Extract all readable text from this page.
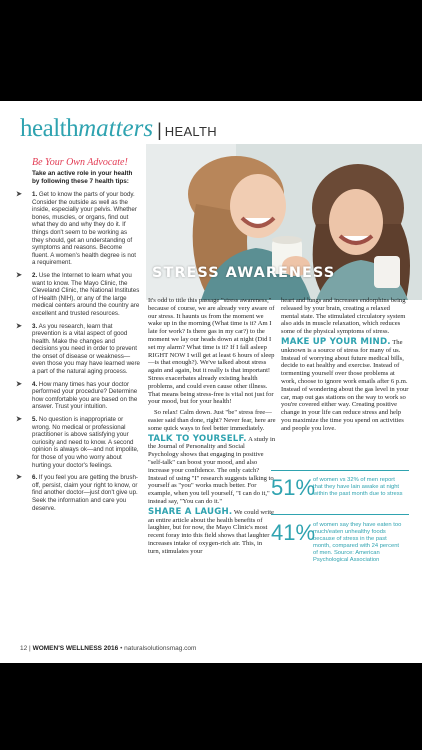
healthmatters | HEALTH
Be Your Own Advocate!
Take an active role in your health by following these 7 health tips:
➤ 1. Get to know the parts of your body. Consider the outside as well as the inside, especially your pelvis. Whether bones, muscles, or organs, find out what they do and why they do it. If things don't seem to be working as they should, get an understanding of symptoms and reasons. Become fluent. A women's health degree is not a requirement.
➤ 2. Use the Internet to learn what you want to know. The Mayo Clinic, the Cleveland Clinic, the National Institutes of Health (NIH), or any of the large medical centers around the country are excellent and trusted resources.
➤ 3. As you research, learn that prevention is a vital aspect of good health. Make the changes and decisions you need in order to prevent the onset of disease or weakness—even those you may have learned were a part of the natural aging process.
➤ 4. How many times has your doctor performed your procedure? Determine how comfortable you are based on the answer. Trust your intuition.
➤ 5. No question is inappropriate or wrong. No medical or professional practitioner is above satisfying your curiosity and need to know. A second opinion is always ok—and not impolite, for those of you who worry about hurting your doctor's feelings.
➤ 6. If you feel you are getting the brush-off, persist, claim your right to know, or find another doctor—just don't give up. Seek the information and care you deserve.
STRESS AWARENESS

It's odd to title this passage "stress awareness," because of course, we are already very aware of our stress. It haunts us from the moment we wake up in the morning (What time is it? Am I late for work? Is there gas in my car?) to the moment we lay our heads down at night (Did I set my alarm? What time is it? If I fall asleep RIGHT NOW I will get at least 6 hours of sleep—is that enough?). We've talked about stress again and again, but it really is that important! Stress exacerbates already existing health problems, and could even cause other illness. That means being stress-free is vital not just for your mood, but for your health!

So relax! Calm down. Just "be" stress free—easier said than done, right? Never fear, here are some quick ways to feel better immediately.

TALK TO YOURSELF. A study in the Journal of Personality and Social Psychology shows that engaging in positive "self-talk" can boost your mood, and also increase your confidence. The only catch? Instead of using "I" research suggests talking to yourself as "you" works much better. For example, when you tell yourself, "I can do it," instead say, "You can do it."

SHARE A LAUGH. We could write an entire article about the health benefits of laughter, but for now, the Mayo Clinic's most recent foray into this field shows that laughter increases intake of oxygen-rich air. This, in turn, stimulates your

heart and lungs and increases endorphins being released by your brain, creating a relaxed mental state. The stimulated circulatory system also aids in muscle relaxation, which reduces some of the physical symptoms of stress.

MAKE UP YOUR MIND. The unknown is a source of stress for many of us. Instead of worrying about future medical bills, decide to eat healthy and exercise. Instead of tormenting yourself over those problems at work, choose to ignore work emails after 6 p.m. Instead of wondering about the gas level in your car, map out gas stations on the way to work so you're covered either way. Creating positive change in your life can reduce stress and help you maximize the time you spend on activities and people you love.

51%
of women vs 32% of men report that they have lain awake at night within the past month due to stress
41%
of women say they have eaten too much/eaten unhealthy foods because of stress in the past month, compared with 24 percent of men. Source: American Psychological Association
12 | WOMEN'S WELLNESS 2016 • naturalsolutionsmag.com
